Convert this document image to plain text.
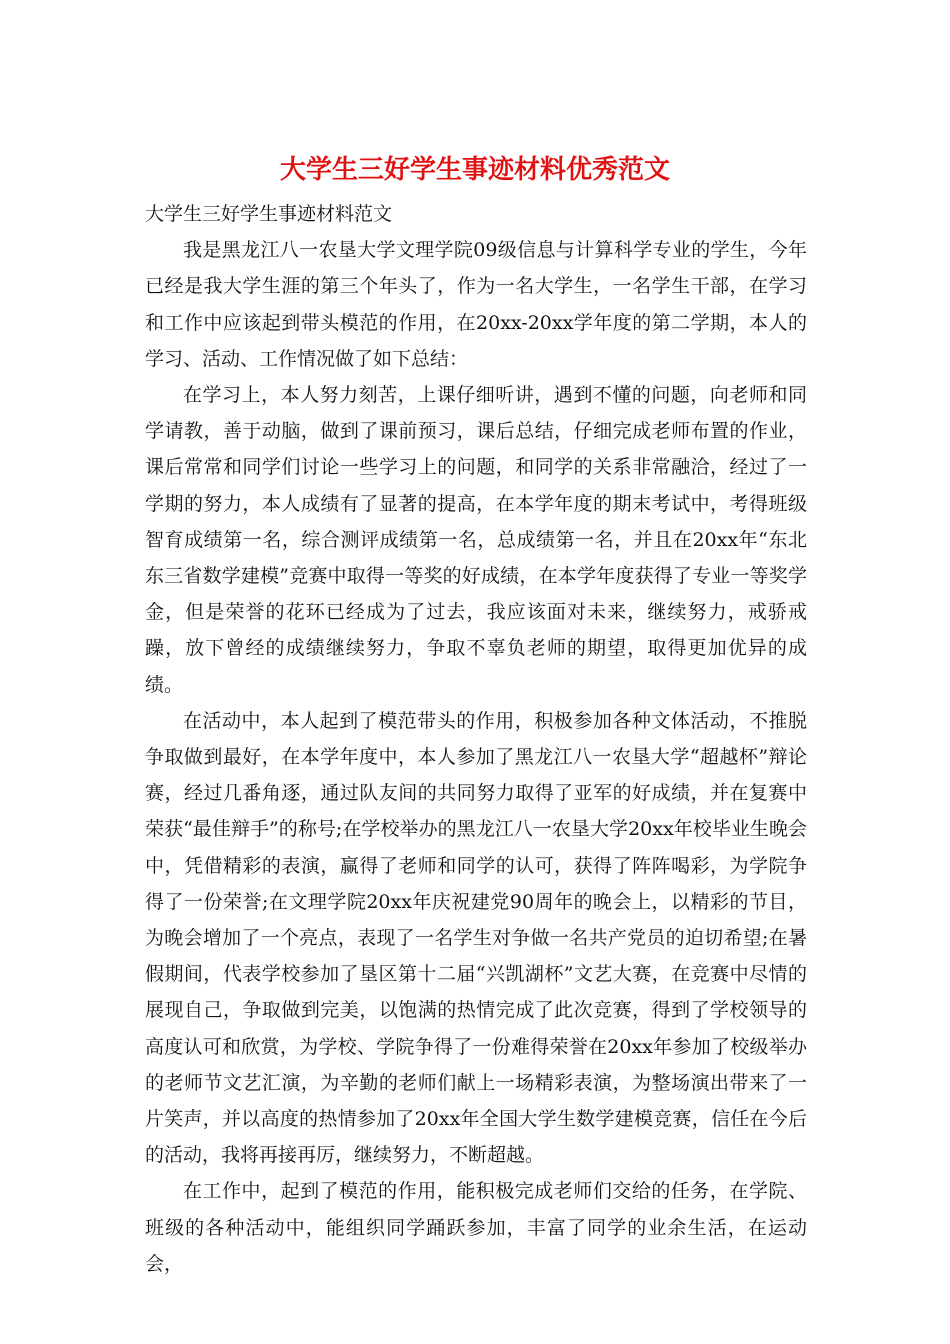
大学生三好学生事迹材料优秀范文

大学生三好学生事迹材料范文

我是黑龙江八一农垦大学文理学院09级信息与计算科学专业的学生，今年已经是我大学生涯的第三个年头了，作为一名大学生，一名学生干部，在学习和工作中应该起到带头模范的作用，在20xx-20xx学年度的第二学期，本人的学习、活动、工作情况做了如下总结：

在学习上，本人努力刻苦，上课仔细听讲，遇到不懂的问题，向老师和同学请教，善于动脑，做到了课前预习，课后总结，仔细完成老师布置的作业，课后常常和同学们讨论一些学习上的问题，和同学的关系非常融洽，经过了一学期的努力，本人成绩有了显著的提高，在本学年度的期末考试中，考得班级智育成绩第一名，综合测评成绩第一名，总成绩第一名，并且在20xx年“东北东三省数学建模”竞赛中取得一等奖的好成绩，在本学年度获得了专业一等奖学金，但是荣誉的花环已经成为了过去，我应该面对未来，继续努力，戒骄戒躁，放下曾经的成绩继续努力，争取不辜负老师的期望，取得更加优异的成绩。

在活动中，本人起到了模范带头的作用，积极参加各种文体活动，不推脱争取做到最好，在本学年度中，本人参加了黑龙江八一农垦大学“超越杯”辩论赛，经过几番角逐，通过队友间的共同努力取得了亚军的好成绩，并在复赛中荣获“最佳辩手”的称号;在学校举办的黑龙江八一农垦大学20xx年校毕业生晚会中，凭借精彩的表演，赢得了老师和同学的认可，获得了阵阵喝彩，为学院争得了一份荣誉;在文理学院20xx年庆祝建党90周年的晚会上，以精彩的节目，为晚会增加了一个亮点，表现了一名学生对争做一名共产党员的迫切希望;在暑假期间，代表学校参加了垦区第十二届“兴凯湖杯”文艺大赛，在竞赛中尽情的展现自己，争取做到完美，以饱满的热情完成了此次竞赛，得到了学校领导的高度认可和欣赏，为学校、学院争得了一份难得荣誉在20xx年参加了校级举办的老师节文艺汇演，为辛勤的老师们献上一场精彩表演，为整场演出带来了一片笑声，并以高度的热情参加了20xx年全国大学生数学建模竞赛，信任在今后的活动，我将再接再厉，继续努力，不断超越。

在工作中，起到了模范的作用，能积极完成老师们交给的任务，在学院、班级的各种活动中，能组织同学踊跃参加，丰富了同学的业余生活，在运动会，
